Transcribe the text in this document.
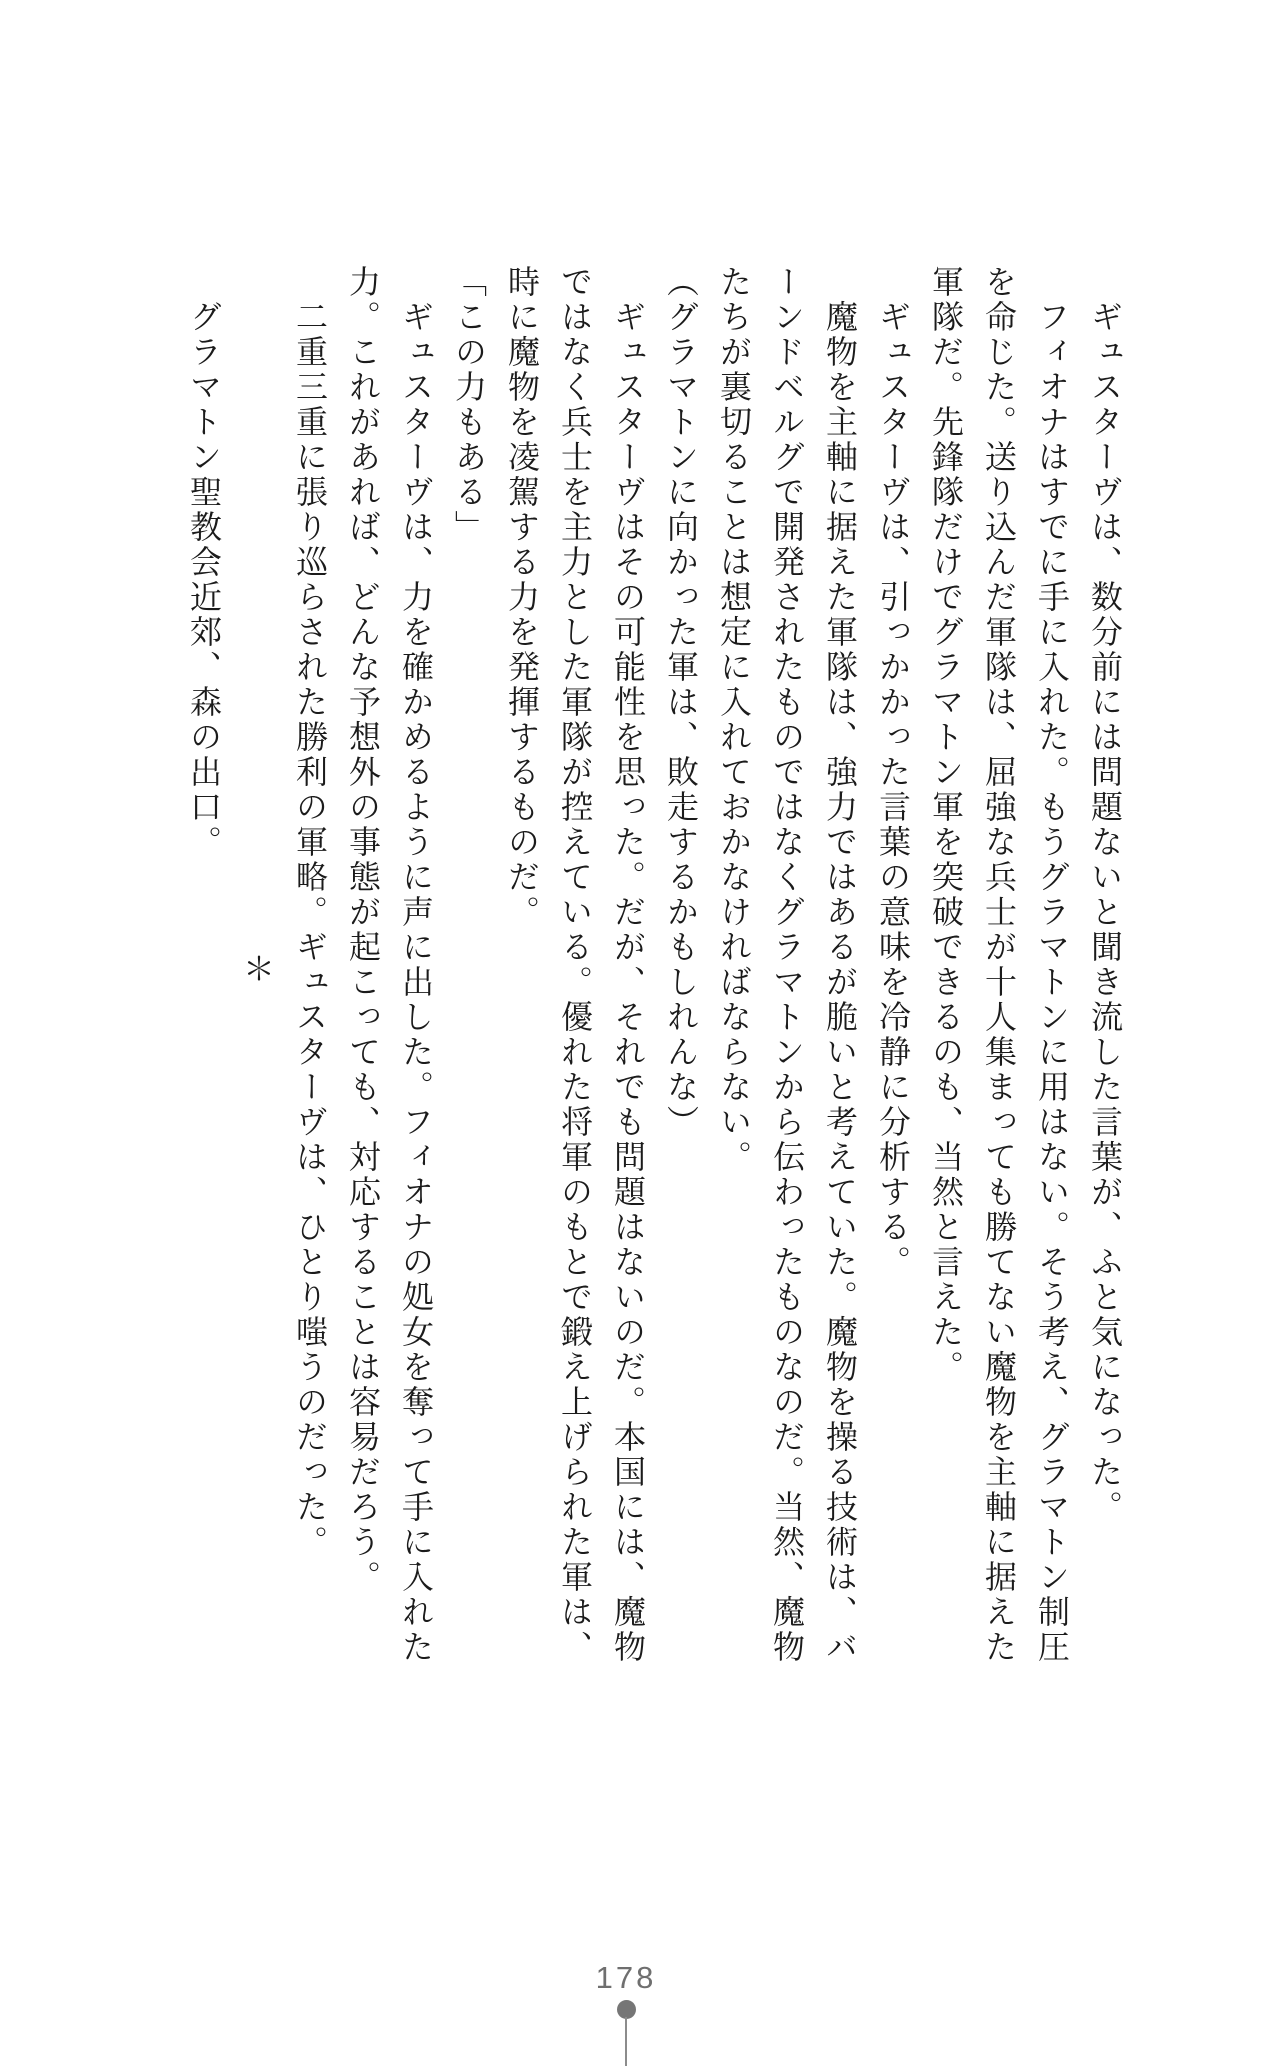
ギュスターヴは、数分前には問題ないと聞き流した言葉が、ふと気になった。

フィオナはすでに手に入れた。もうグラマトンに用はない。そう考え、グラマトン制圧を命じた。送り込んだ軍隊は、屈強な兵士が十人集まっても勝てない魔物を主軸に据えた軍隊だ。先鋒隊だけでグラマトン軍を突破できるのも、当然と言えた。

ギュスターヴは、引っかかった言葉の意味を冷静に分析する。

魔物を主軸に据えた軍隊は、強力ではあるが脆いと考えていた。魔物を操る技術は、バーンドベルグで開発されたものではなくグラマトンから伝わったものなのだ。当然、魔物たちが裏切ることは想定に入れておかなければならない。

（グラマトンに向かった軍は、敗走するかもしれんな）

ギュスターヴはその可能性を思った。だが、それでも問題はないのだ。本国には、魔物ではなく兵士を主力とした軍隊が控えている。優れた将軍のもとで鍛え上げられた軍は、時に魔物を凌駕する力を発揮するものだ。

「この力もある」

ギュスターヴは、力を確かめるように声に出した。フィオナの処女を奪って手に入れた力。これがあれば、どんな予想外の事態が起こっても、対応することは容易だろう。

二重三重に張り巡らされた勝利の軍略。ギュスターヴは、ひとり嗤うのだった。

＊

グラマトン聖教会近郊、森の出口。

178
